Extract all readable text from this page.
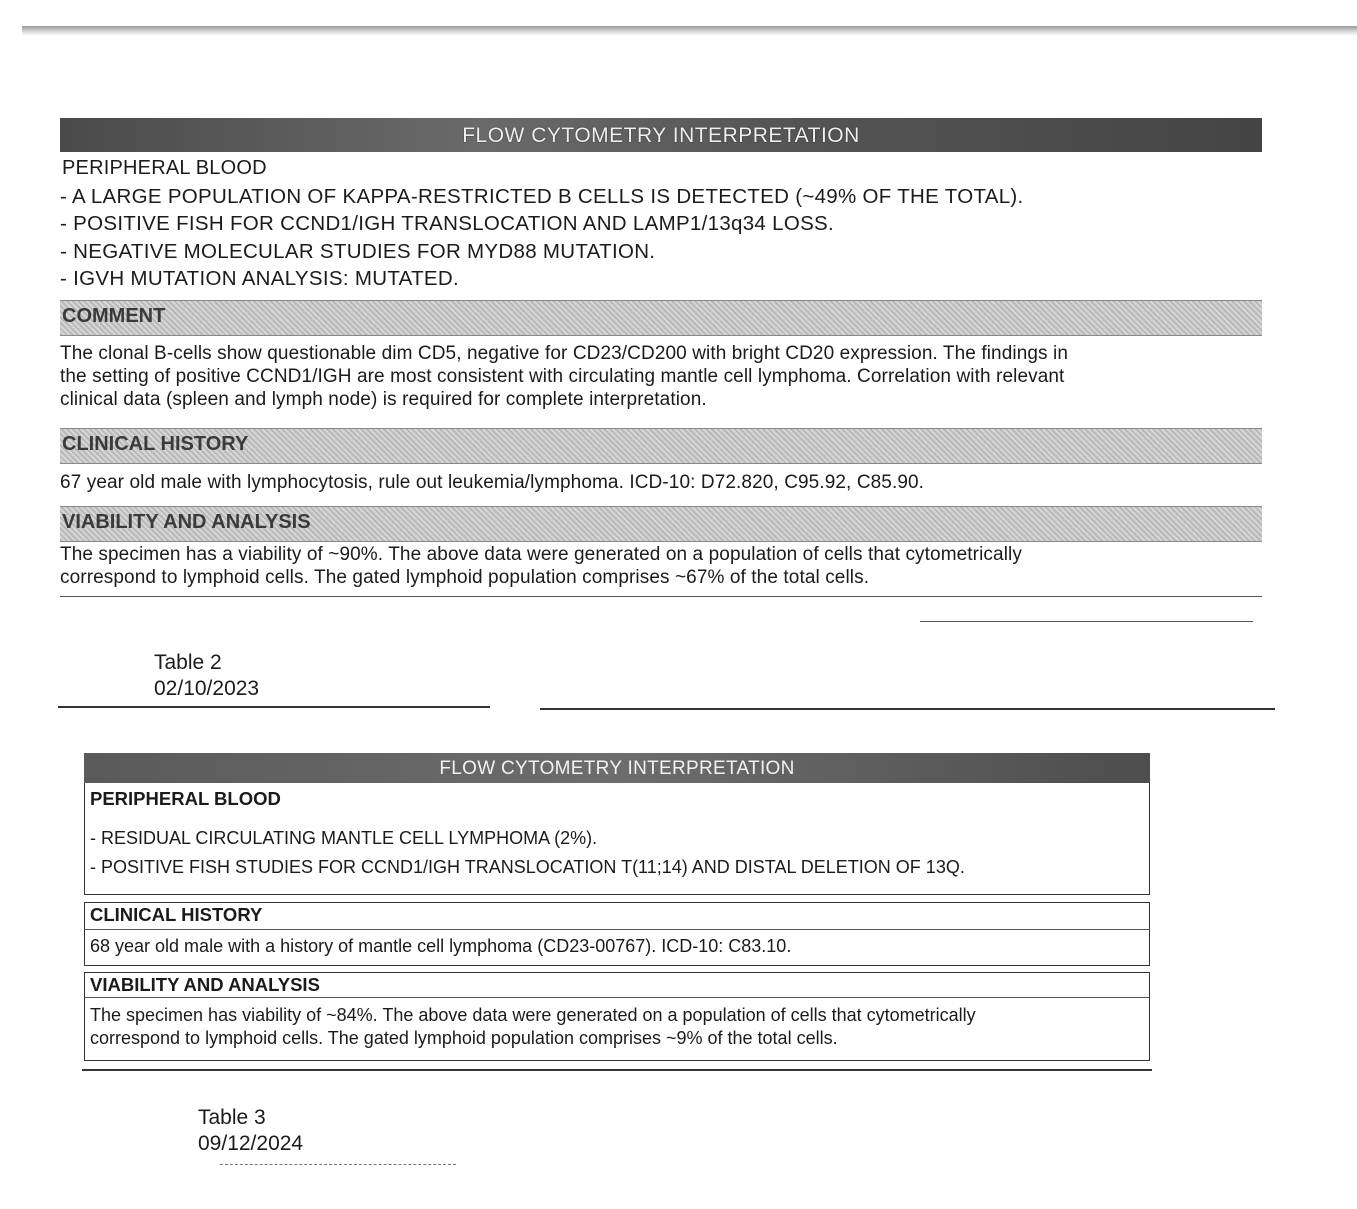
FLOW CYTOMETRY INTERPRETATION
PERIPHERAL BLOOD
- A LARGE POPULATION OF KAPPA-RESTRICTED B CELLS IS DETECTED (~49% OF THE TOTAL).
- POSITIVE FISH FOR CCND1/IGH TRANSLOCATION AND LAMP1/13q34 LOSS.
- NEGATIVE MOLECULAR STUDIES FOR MYD88 MUTATION.
- IGVH MUTATION ANALYSIS: MUTATED.
COMMENT
The clonal B-cells show questionable dim CD5, negative for CD23/CD200 with bright CD20 expression. The findings in
the setting of positive CCND1/IGH are most consistent with circulating mantle cell lymphoma. Correlation with relevant
clinical data (spleen and lymph node) is required for complete interpretation.
CLINICAL HISTORY
67 year old male with lymphocytosis, rule out leukemia/lymphoma. ICD-10: D72.820, C95.92, C85.90.
VIABILITY AND ANALYSIS
The specimen has a viability of ~90%. The above data were generated on a population of cells that cytometrically
correspond to lymphoid cells. The gated lymphoid population comprises ~67% of the total cells.
Table 2
02/10/2023
FLOW CYTOMETRY INTERPRETATION
PERIPHERAL BLOOD
- RESIDUAL CIRCULATING MANTLE CELL LYMPHOMA (2%).
- POSITIVE FISH STUDIES FOR CCND1/IGH TRANSLOCATION T(11;14) AND DISTAL DELETION OF 13Q.
CLINICAL HISTORY
68 year old male with a history of mantle cell lymphoma (CD23-00767). ICD-10: C83.10.
VIABILITY AND ANALYSIS
The specimen has viability of ~84%. The above data were generated on a population of cells that cytometrically
correspond to lymphoid cells. The gated lymphoid population comprises ~9% of the total cells.
Table 3
09/12/2024
